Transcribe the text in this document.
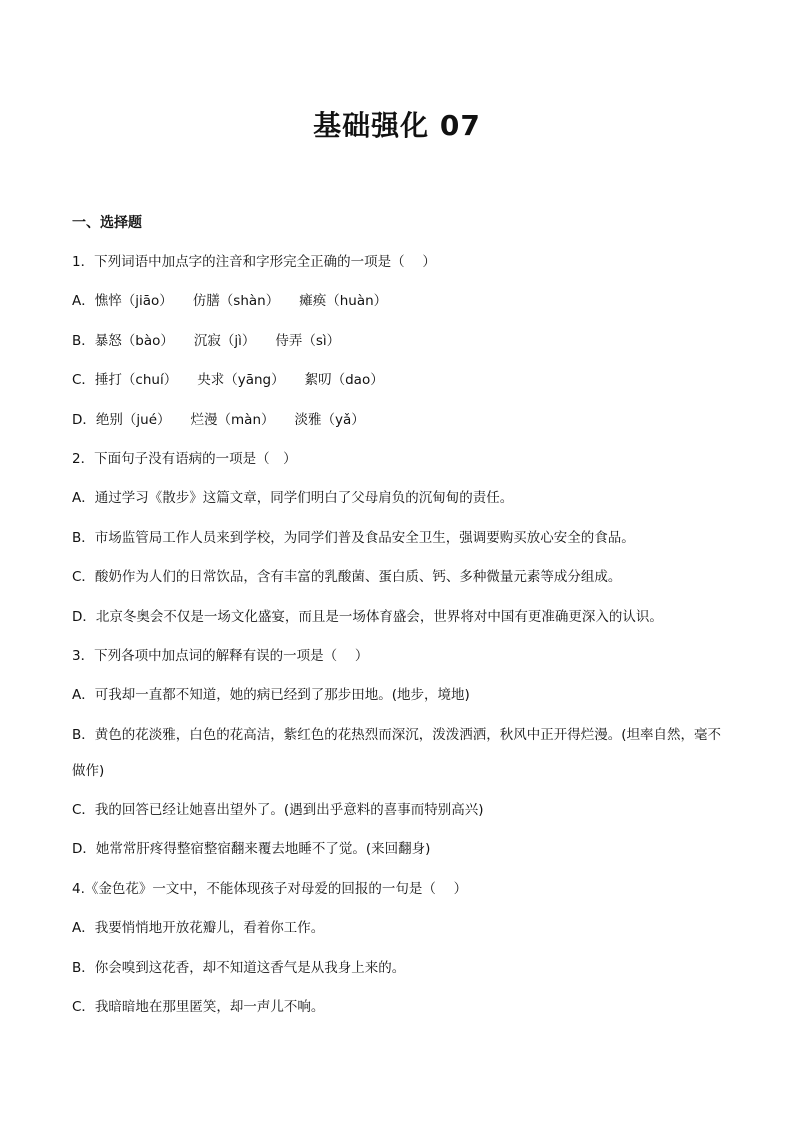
基础强化 07
一、选择题
1．下列词语中加点字的注音和字形完全正确的一项是（　 ）
A．憔悴（jiāo） 仿膳（shàn） 瘫痪（huàn）
B．暴怒（bào） 沉寂（jì） 侍弄（sì）
C．捶打（chuí） 央求（yāng） 絮叨（dao）
D．绝别（jué） 烂漫（màn） 淡雅（yǎ）
2．下面句子没有语病的一项是（　）
A．通过学习《散步》这篇文章，同学们明白了父母肩负的沉甸甸的责任。
B．市场监管局工作人员来到学校，为同学们普及食品安全卫生，强调要购买放心安全的食品。
C．酸奶作为人们的日常饮品，含有丰富的乳酸菌、蛋白质、钙、多种微量元素等成分组成。
D．北京冬奥会不仅是一场文化盛宴，而且是一场体育盛会，世界将对中国有更准确更深入的认识。
3．下列各项中加点词的解释有误的一项是（　 ）
A．可我却一直都不知道，她的病已经到了那步田地。(地步，境地)
B．黄色的花淡雅，白色的花高洁，紫红色的花热烈而深沉，泼泼洒洒，秋风中正开得烂漫。(坦率自然，毫不做作)
C．我的回答已经让她喜出望外了。(遇到出乎意料的喜事而特别高兴)
D．她常常肝疼得整宿整宿翻来覆去地睡不了觉。(来回翻身)
4.《金色花》一文中，不能体现孩子对母爱的回报的一句是（　 ）
A．我要悄悄地开放花瓣儿，看着你工作。
B．你会嗅到这花香，却不知道这香气是从我身上来的。
C．我暗暗地在那里匿笑，却一声儿不响。
